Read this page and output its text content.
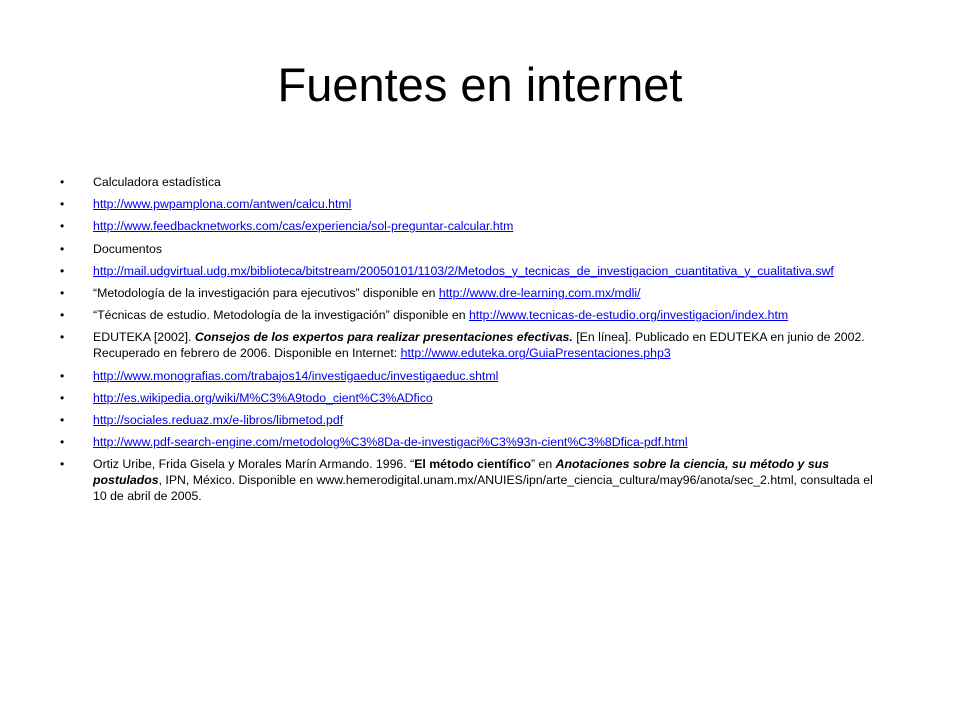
Fuentes en internet
• Calculadora estadística
• http://www.pwpamplona.com/antwen/calcu.html
• http://www.feedbacknetworks.com/cas/experiencia/sol-preguntar-calcular.htm
• Documentos
• http://mail.udgvirtual.udg.mx/biblioteca/bitstream/20050101/1103/2/Metodos_y_tecnicas_de_investigacion_cuantitativa_y_cualitativa.swf
• “Metodología de la investigación para ejecutivos” disponible en http://www.dre-learning.com.mx/mdli/
• “Técnicas de estudio. Metodología de la investigación” disponible en http://www.tecnicas-de-estudio.org/investigacion/index.htm
• EDUTEKA [2002]. Consejos de los expertos para realizar presentaciones efectivas. [En línea]. Publicado en EDUTEKA en junio de 2002. Recuperado en febrero de 2006. Disponible en Internet: http://www.eduteka.org/GuiaPresentaciones.php3
• http://www.monografias.com/trabajos14/investigaeduc/investigaeduc.shtml
• http://es.wikipedia.org/wiki/M%C3%A9todo_cient%C3%ADfico
• http://sociales.reduaz.mx/e-libros/libmetod.pdf
• http://www.pdf-search-engine.com/metodolog%C3%8Da-de-investigaci%C3%93n-cient%C3%8Dfica-pdf.html
• Ortiz Uribe, Frida Gisela y Morales Marín Armando. 1996. “El método científico” en Anotaciones sobre la ciencia, su método y sus postulados, IPN, México. Disponible en www.hemerodigital.unam.mx/ANUIES/ipn/arte_ciencia_cultura/may96/anota/sec_2.html, consultada el 10 de abril de 2005.
